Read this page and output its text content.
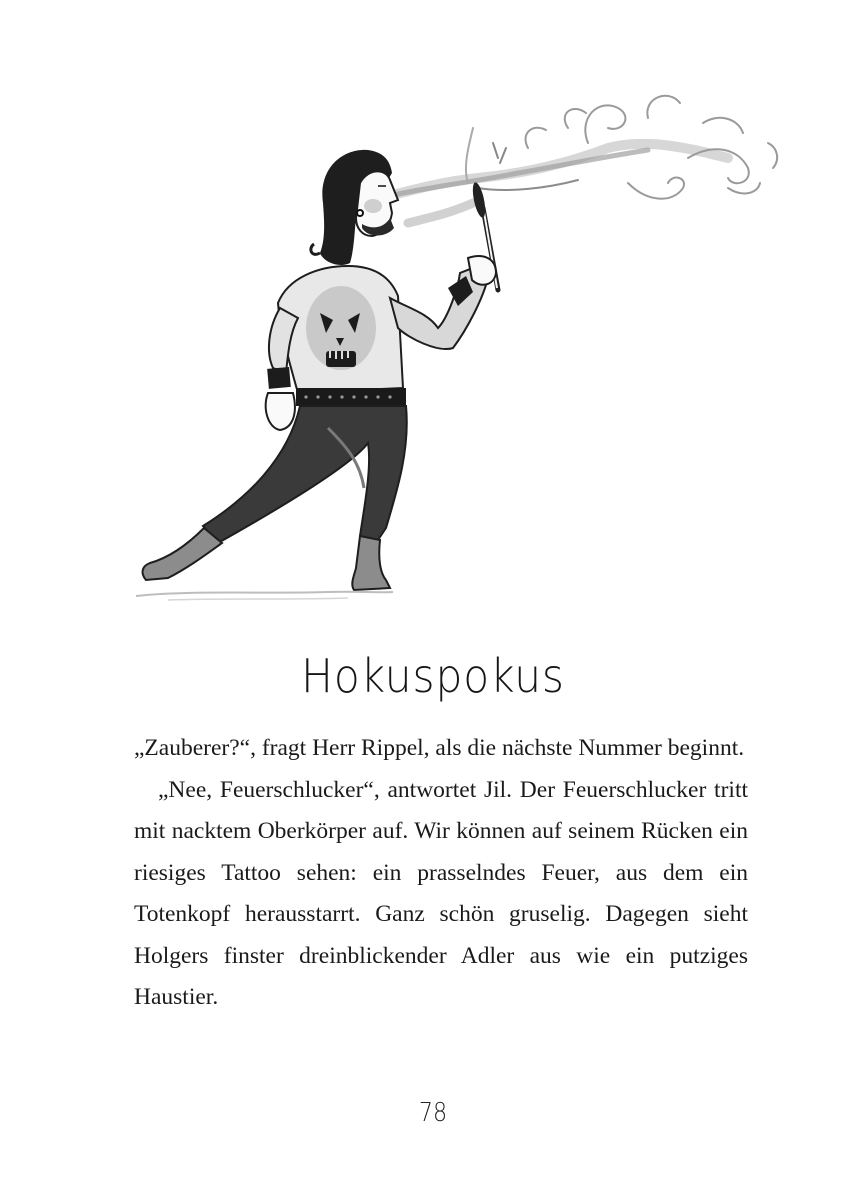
Hokuspokus

„Zauberer?“, fragt Herr Rippel, als die nächste Nummer beginnt.

„Nee, Feuerschlucker“, antwortet Jil. Der Feuerschlucker tritt mit nacktem Oberkörper auf. Wir können auf seinem Rücken ein riesiges Tattoo sehen: ein prasselndes Feuer, aus dem ein Totenkopf herausstarrt. Ganz schön gruselig. Dagegen sieht Holgers finster dreinblickender Adler aus wie ein putziges Haustier.

78
